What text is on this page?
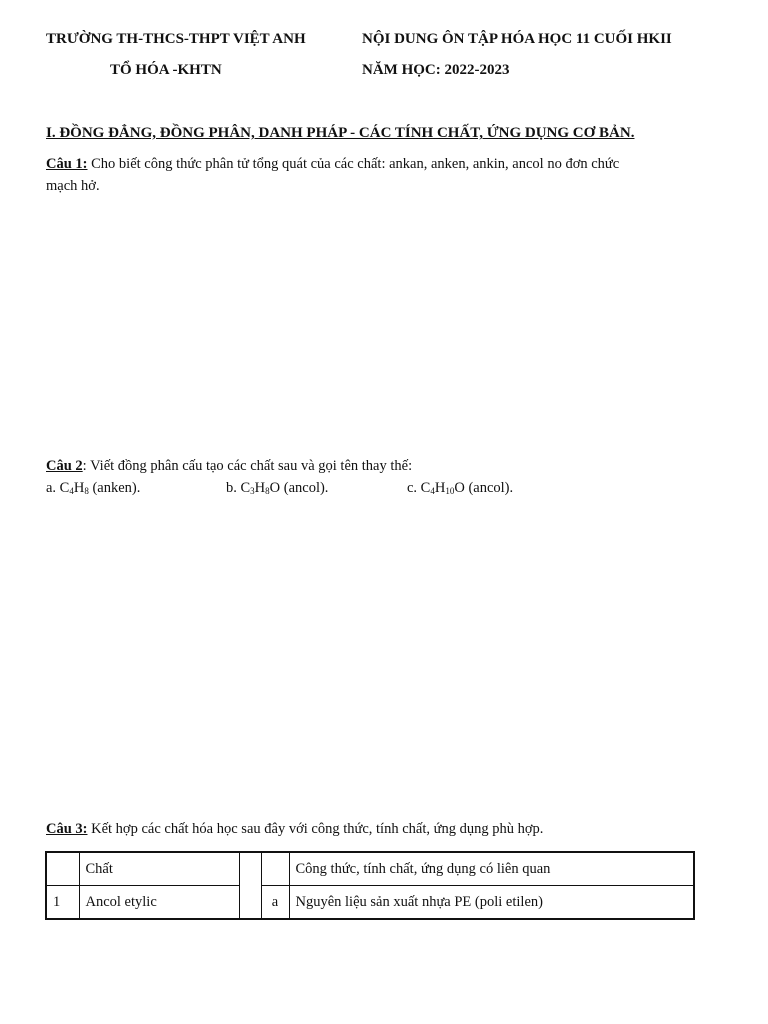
TRƯỜNG TH-THCS-THPT VIỆT ANH
TỔ HÓA -KHTN
NỘI DUNG ÔN TẬP HÓA HỌC 11 CUỐI HKII
NĂM HỌC: 2022-2023
I. ĐỒNG ĐẲNG, ĐỒNG PHÂN, DANH PHÁP - CÁC TÍNH CHẤT, ỨNG DỤNG CƠ BẢN.
Câu 1: Cho biết công thức phân tử tổng quát của các chất: ankan, anken, ankin, ancol no đơn chức
mạch hở.
Câu 2: Viết đồng phân cấu tạo các chất sau và gọi tên thay thế:
a. $C_4H_8$ (anken).	b. $C_3H_8O$ (ancol).	c. $C_4H_{10}O$ (ancol).
Câu 3: Kết hợp các chất hóa học sau đây với công thức, tính chất, ứng dụng phù hợp.
	Chất			Công thức, tính chất, ứng dụng có liên quan
1	Ancol etylic		a	Nguyên liệu sản xuất nhựa PE (poli etilen)
